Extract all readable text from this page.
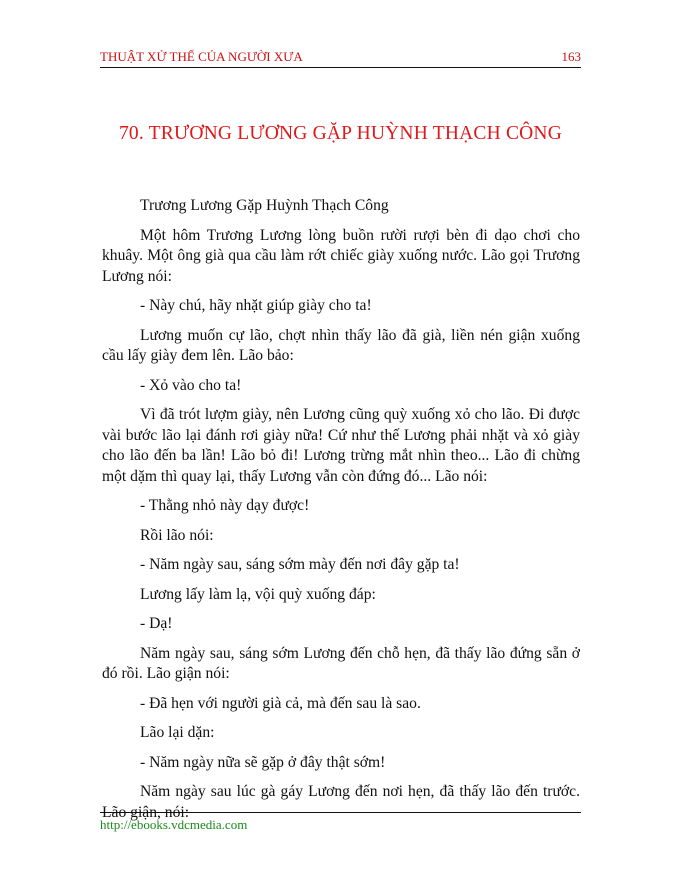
THUẬT XỬ THẾ CỦA NGƯỜI XƯA	163
70. TRƯƠNG LƯƠNG GẶP HUỲNH THẠCH CÔNG

Trương Lương Gặp Huỳnh Thạch Công

Một hôm Trương Lương lòng buồn rười rượi bèn đi dạo chơi cho khuây. Một ông già qua cầu làm rớt chiếc giày xuống nước. Lão gọi Trương Lương nói:

- Này chú, hãy nhặt giúp giày cho ta!

Lương muốn cự lão, chợt nhìn thấy lão đã già, liền nén giận xuống cầu lấy giày đem lên. Lão bảo:

- Xỏ vào cho ta!

Vì đã trót lượm giày, nên Lương cũng quỳ xuống xỏ cho lão. Đi được vài bước lão lại đánh rơi giày nữa! Cứ như thế Lương phải nhặt và xỏ giày cho lão đến ba lần! Lão bỏ đi! Lương trừng mắt nhìn theo... Lão đi chừng một dặm thì quay lại, thấy Lương vẫn còn đứng đó... Lão nói:

- Thằng nhỏ này dạy được!

Rồi lão nói:

- Năm ngày sau, sáng sớm mày đến nơi đây gặp ta!

Lương lấy làm lạ, vội quỳ xuống đáp:

- Dạ!

Năm ngày sau, sáng sớm Lương đến chỗ hẹn, đã thấy lão đứng sẵn ở đó rồi. Lão giận nói:

- Đã hẹn với người già cả, mà đến sau là sao.

Lão lại dặn:

- Năm ngày nữa sẽ gặp ở đây thật sớm!

Năm ngày sau lúc gà gáy Lương đến nơi hẹn, đã thấy lão đến trước. Lão giận, nói:

http://ebooks.vdcmedia.com
